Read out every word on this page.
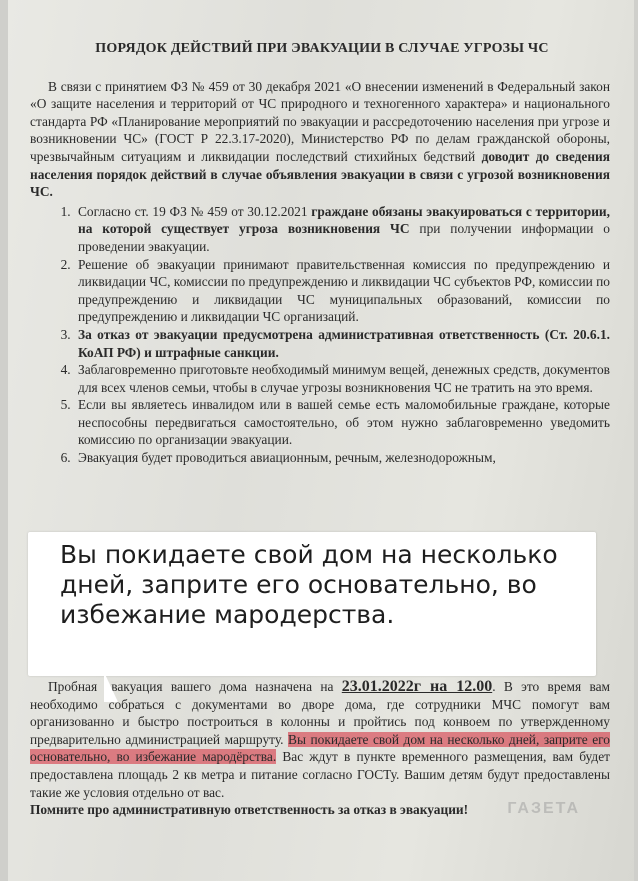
ПОРЯДОК ДЕЙСТВИЙ ПРИ ЭВАКУАЦИИ В СЛУЧАЕ УГРОЗЫ ЧС

В связи с принятием ФЗ № 459 от 30 декабря 2021 «О внесении изменений в Федеральный закон «О защите населения и территорий от ЧС природного и техногенного характера» и национального стандарта РФ «Планирование мероприятий по эвакуации и рассредоточению населения при угрозе и возникновении ЧС» (ГОСТ Р 22.3.17-2020), Министерство РФ по делам гражданской обороны, чрезвычайным ситуациям и ликвидации последствий стихийных бедствий доводит до сведения населения порядок действий в случае объявления эвакуации в связи с угрозой возникновения ЧС.

1. Согласно ст. 19 ФЗ № 459 от 30.12.2021 граждане обязаны эвакуироваться с территории, на которой существует угроза возникновения ЧС при получении информации о проведении эвакуации.
2. Решение об эвакуации принимают правительственная комиссия по предупреждению и ликвидации ЧС, комиссии по предупреждению и ликвидации ЧС субъектов РФ, комиссии по предупреждению и ликвидации ЧС муниципальных образований, комиссии по предупреждению и ликвидации ЧС организаций.
3. За отказ от эвакуации предусмотрена административная ответственность (Ст. 20.6.1. КоАП РФ) и штрафные санкции.
4. Заблаговременно приготовьте необходимый минимум вещей, денежных средств, документов для всех членов семьи, чтобы в случае угрозы возникновения ЧС не тратить на это время.
5. Если вы являетесь инвалидом или в вашей семье есть маломобильные граждане, которые неспособны передвигаться самостоятельно, об этом нужно заблаговременно уведомить комиссию по организации эвакуации.
6. Эвакуация будет проводиться авиационным, речным, железнодорожным,

Пробная эвакуация вашего дома назначена на 23.01.2022г на 12.00. В это время вам необходимо собраться с документами во дворе дома, где сотрудники МЧС помогут вам организованно и быстро построиться в колонны и пройтись под конвоем по утвержденному предварительно администрацией маршруту. Вы покидаете свой дом на несколько дней, заприте его основательно, во избежание мародёрства. Вас ждут в пункте временного размещения, вам будет предоставлена площадь 2 кв метра и питание согласно ГОСТу. Вашим детям будут предоставлены такие же условия отдельно от вас.
Помните про административную ответственность за отказ в эвакуации!	ГАЗЕТА

Вы покидаете свой дом на несколько дней, заприте его основательно, во избежание мародерства.
